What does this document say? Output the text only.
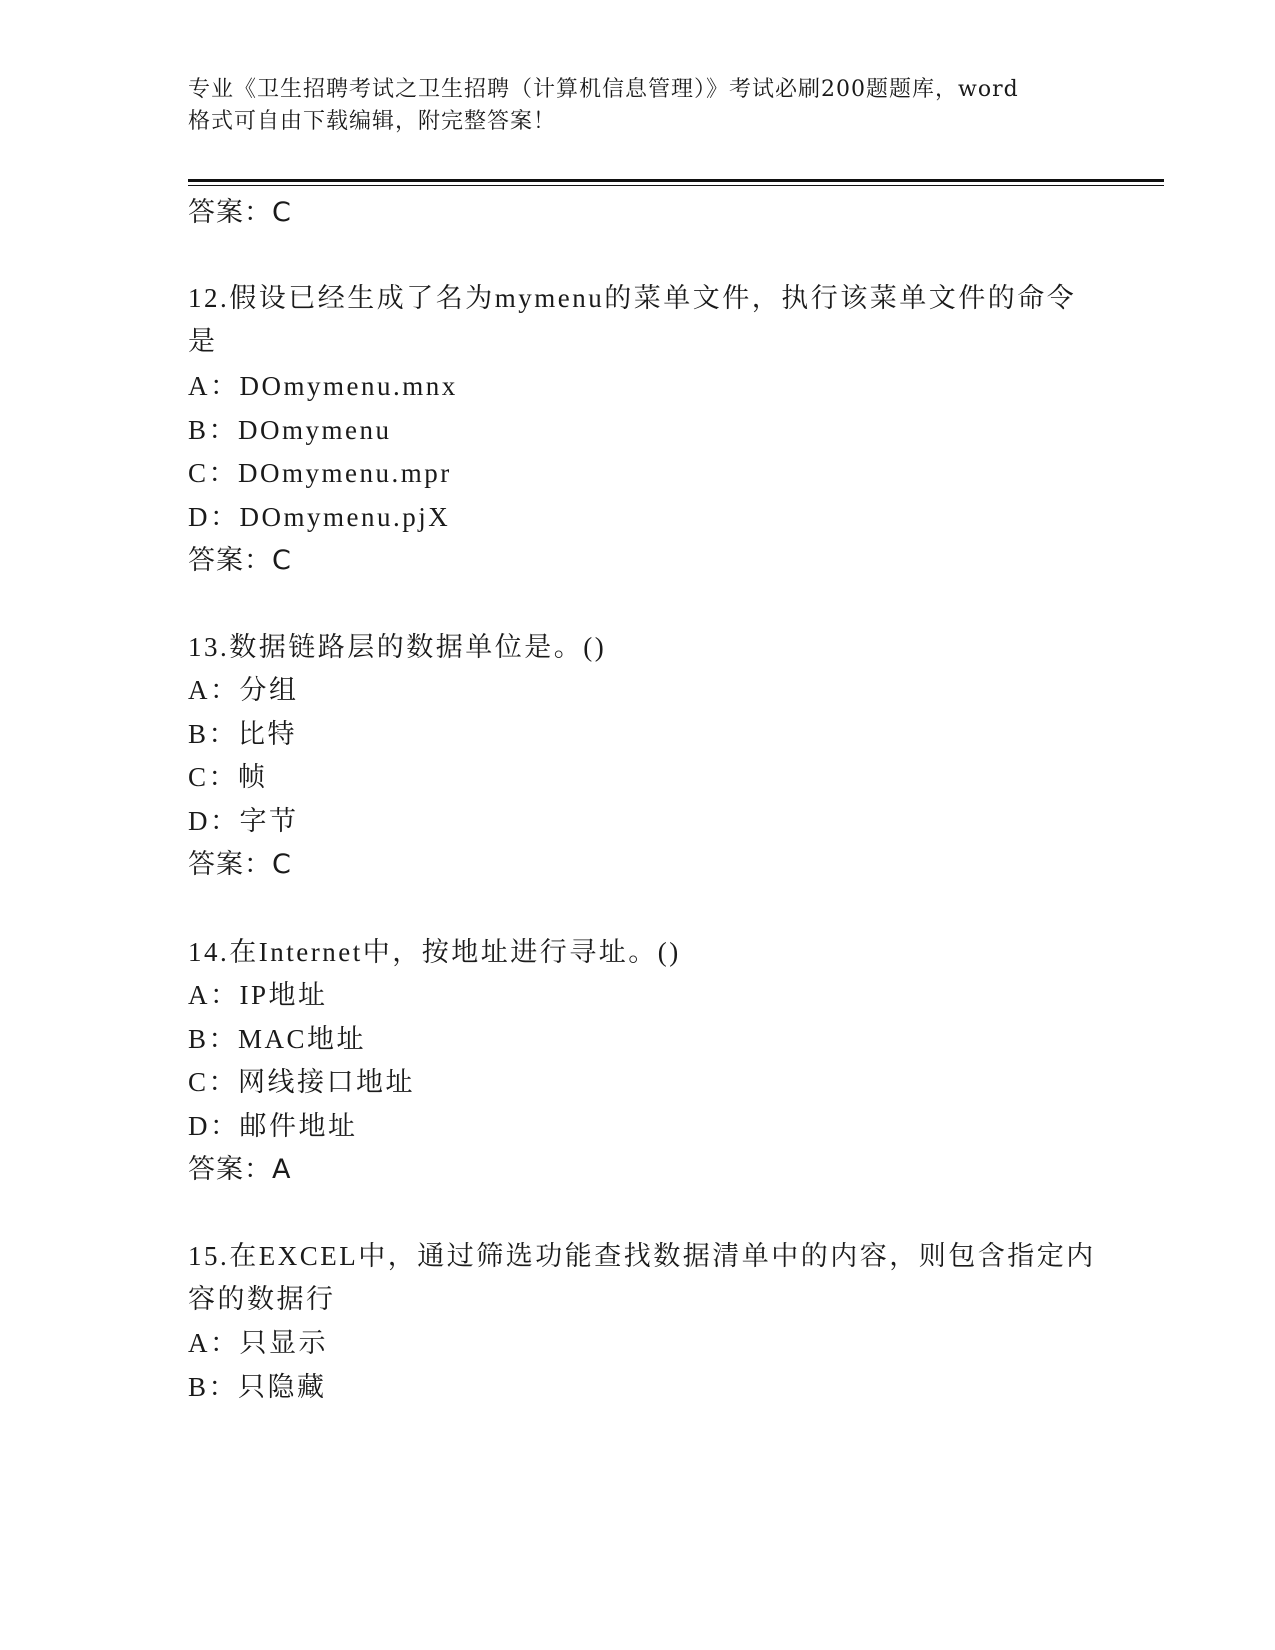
专业《卫生招聘考试之卫生招聘（计算机信息管理）》考试必刷200题题库，word
格式可自由下载编辑，附完整答案！
答案：C
12.假设已经生成了名为mymenu的菜单文件，执行该菜单文件的命令
是
A：DOmymenu.mnx
B：DOmymenu
C：DOmymenu.mpr
D：DOmymenu.pjX
答案：C
13.数据链路层的数据单位是。()
A：分组
B：比特
C：帧
D：字节
答案：C
14.在Internet中，按地址进行寻址。()
A：IP地址
B：MAC地址
C：网线接口地址
D：邮件地址
答案：A
15.在EXCEL中，通过筛选功能查找数据清单中的内容，则包含指定内
容的数据行
A：只显示
B：只隐藏
